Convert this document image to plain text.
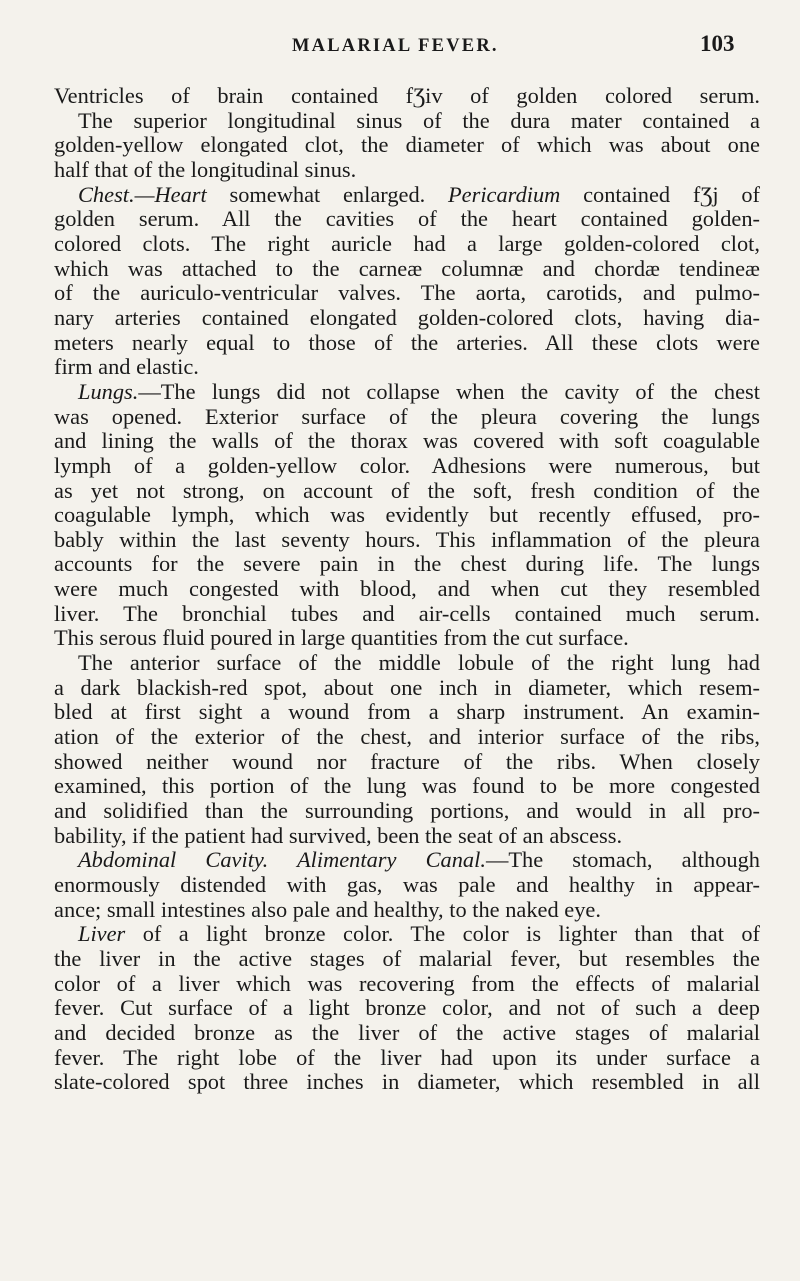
MALARIAL FEVER.	103
Ventricles of brain contained fƷiv of golden colored serum.
The superior longitudinal sinus of the dura mater contained a
golden-yellow elongated clot, the diameter of which was about one
half that of the longitudinal sinus.
Chest.—Heart somewhat enlarged. Pericardium contained fƷj of
golden serum. All the cavities of the heart contained golden-
colored clots. The right auricle had a large golden-colored clot,
which was attached to the carneæ columnæ and chordæ tendineæ
of the auriculo-ventricular valves. The aorta, carotids, and pulmo-
nary arteries contained elongated golden-colored clots, having dia-
meters nearly equal to those of the arteries. All these clots were
firm and elastic.
Lungs.—The lungs did not collapse when the cavity of the chest
was opened. Exterior surface of the pleura covering the lungs
and lining the walls of the thorax was covered with soft coagulable
lymph of a golden-yellow color. Adhesions were numerous, but
as yet not strong, on account of the soft, fresh condition of the
coagulable lymph, which was evidently but recently effused, pro-
bably within the last seventy hours. This inflammation of the pleura
accounts for the severe pain in the chest during life. The lungs
were much congested with blood, and when cut they resembled
liver. The bronchial tubes and air-cells contained much serum.
This serous fluid poured in large quantities from the cut surface.
The anterior surface of the middle lobule of the right lung had
a dark blackish-red spot, about one inch in diameter, which resem-
bled at first sight a wound from a sharp instrument. An examin-
ation of the exterior of the chest, and interior surface of the ribs,
showed neither wound nor fracture of the ribs. When closely
examined, this portion of the lung was found to be more congested
and solidified than the surrounding portions, and would in all pro-
bability, if the patient had survived, been the seat of an abscess.
Abdominal Cavity. Alimentary Canal.—The stomach, although
enormously distended with gas, was pale and healthy in appear-
ance; small intestines also pale and healthy, to the naked eye.
Liver of a light bronze color. The color is lighter than that of
the liver in the active stages of malarial fever, but resembles the
color of a liver which was recovering from the effects of malarial
fever. Cut surface of a light bronze color, and not of such a deep
and decided bronze as the liver of the active stages of malarial
fever. The right lobe of the liver had upon its under surface a
slate-colored spot three inches in diameter, which resembled in all
